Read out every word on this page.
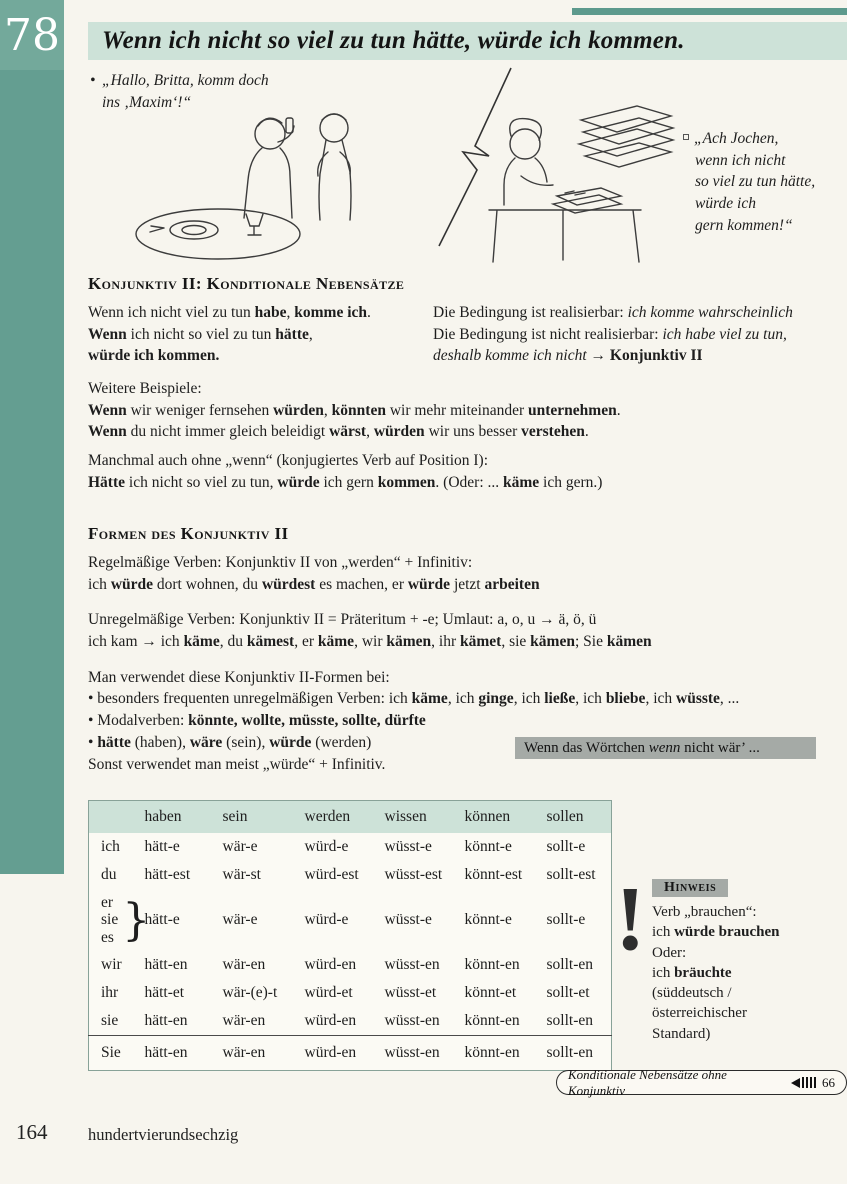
78	Wenn ich nicht so viel zu tun hätte, würde ich kommen.
• „Hallo, Britta, komm doch
ins ‚Maxim‘!“
„Ach Jochen,
wenn ich nicht
so viel zu tun hätte,
würde ich
gern kommen!“
Konjunktiv II: Konditionale Nebensätze
Wenn ich nicht viel zu tun habe, komme ich.
Wenn ich nicht so viel zu tun hätte,
würde ich kommen.
Die Bedingung ist realisierbar: ich komme wahrscheinlich
Die Bedingung ist nicht realisierbar: ich habe viel zu tun,
deshalb komme ich nicht → Konjunktiv II
Weitere Beispiele:
Wenn wir weniger fernsehen würden, könnten wir mehr miteinander unternehmen.
Wenn du nicht immer gleich beleidigt wärst, würden wir uns besser verstehen.
Manchmal auch ohne „wenn“ (konjugiertes Verb auf Position I):
Hätte ich nicht so viel zu tun, würde ich gern kommen. (Oder: ... käme ich gern.)
Formen des Konjunktiv II
Regelmäßige Verben: Konjunktiv II von „werden“ + Infinitiv:
ich würde dort wohnen, du würdest es machen, er würde jetzt arbeiten
Unregelmäßige Verben: Konjunktiv II = Präteritum + -e; Umlaut: a, o, u → ä, ö, ü
ich kam → ich käme, du kämest, er käme, wir kämen, ihr kämet, sie kämen; Sie kämen
Man verwendet diese Konjunktiv II-Formen bei:
• besonders frequenten unregelmäßigen Verben: ich käme, ich ginge, ich ließe, ich bliebe, ich wüsste, ...
• Modalverben: könnte, wollte, müsste, sollte, dürfte
• hätte (haben), wäre (sein), würde (werden)
Sonst verwendet man meist „würde“ + Infinitiv.
Wenn das Wörtchen wenn nicht wär’ ...
	haben	sein	werden	wissen	können	sollen
ich	hätt-e	wär-e	würd-e	wüsst-e	könnt-e	sollt-e
du	hätt-est	wär-st	würd-est	wüsst-est	könnt-est	sollt-est

er
sie
es }	hätt-e	wär-e	würd-e	wüsst-e	könnt-e	sollt-e
wir	hätt-en	wär-en	würd-en	wüsst-en	könnt-en	sollt-en
ihr	hätt-et	wär-(e)-t	würd-et	wüsst-et	könnt-et	sollt-et
sie	hätt-en	wär-en	würd-en	wüsst-en	könnt-en	sollt-en
Sie	hätt-en	wär-en	würd-en	wüsst-en	könnt-en	sollt-en
!	Hinweis
Verb „brauchen“:
ich würde brauchen
Oder:
ich bräuchte
(süddeutsch /
österreichischer
Standard)
Konditionale Nebensätze ohne Konjunktiv
66
164 hundertvierundsechzig
